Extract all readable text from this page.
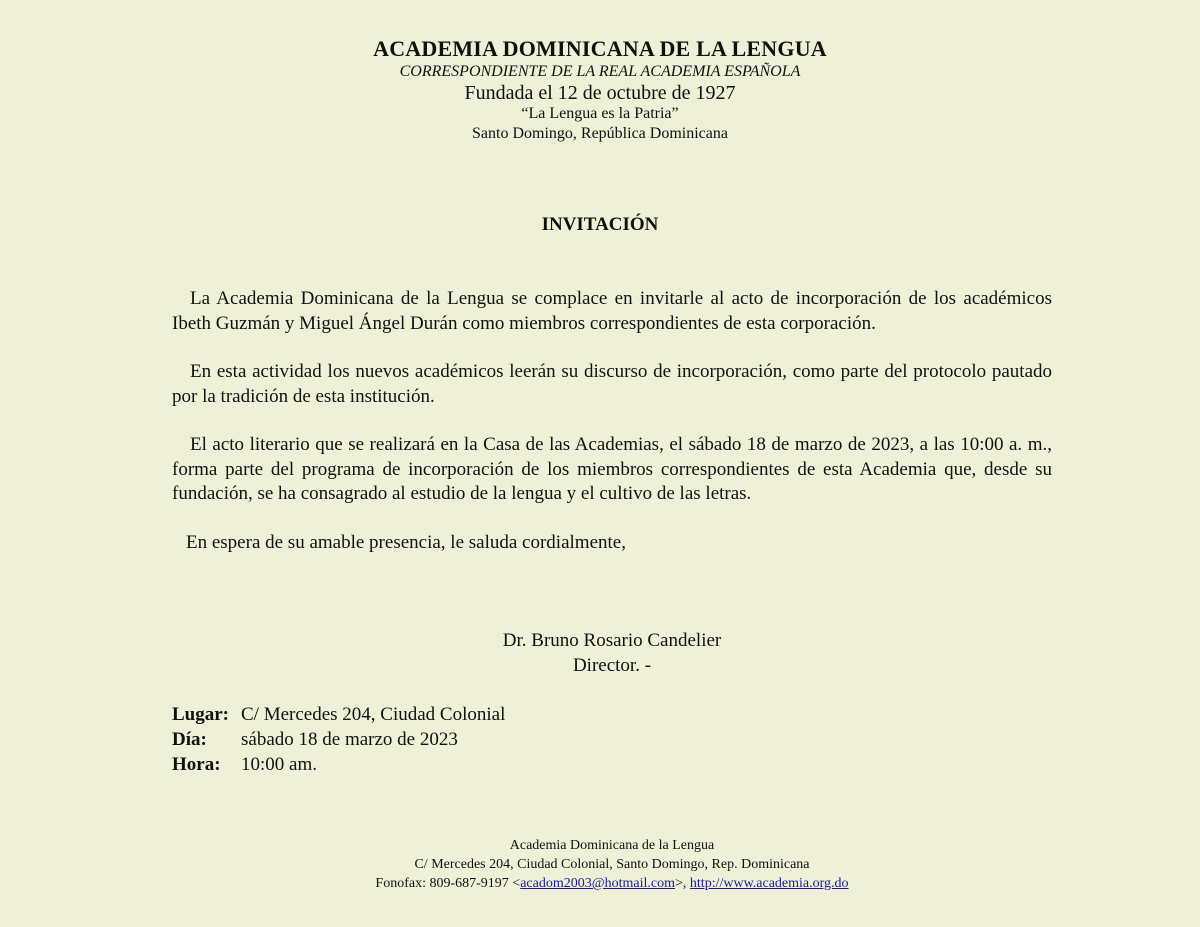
ACADEMIA DOMINICANA DE LA LENGUA
CORRESPONDIENTE DE LA REAL ACADEMIA ESPAÑOLA
Fundada el 12 de octubre de 1927
“La Lengua es la Patria”
Santo Domingo, República Dominicana
INVITACIÓN

La Academia Dominicana de la Lengua se complace en invitarle al acto de incorporación de los académicos Ibeth Guzmán y Miguel Ángel Durán como miembros correspondientes de esta corporación.

En esta actividad los nuevos académicos leerán su discurso de incorporación, como parte del protocolo pautado por la tradición de esta institución.

El acto literario que se realizará en la Casa de las Academias, el sábado 18 de marzo de 2023, a las 10:00 a. m., forma parte del programa de incorporación de los miembros correspondientes de esta Academia que, desde su fundación, se ha consagrado al estudio de la lengua y el cultivo de las letras.

En espera de su amable presencia, le saluda cordialmente,

Dr. Bruno Rosario Candelier
Director. -
Lugar: C/ Mercedes 204, Ciudad Colonial
Día:	sábado 18 de marzo de 2023
Hora:	10:00 am.
Academia Dominicana de la Lengua
C/ Mercedes 204, Ciudad Colonial, Santo Domingo, Rep. Dominicana
Fonofax: 809-687-9197 <acadom2003@hotmail.com>, http://www.academia.org.do
